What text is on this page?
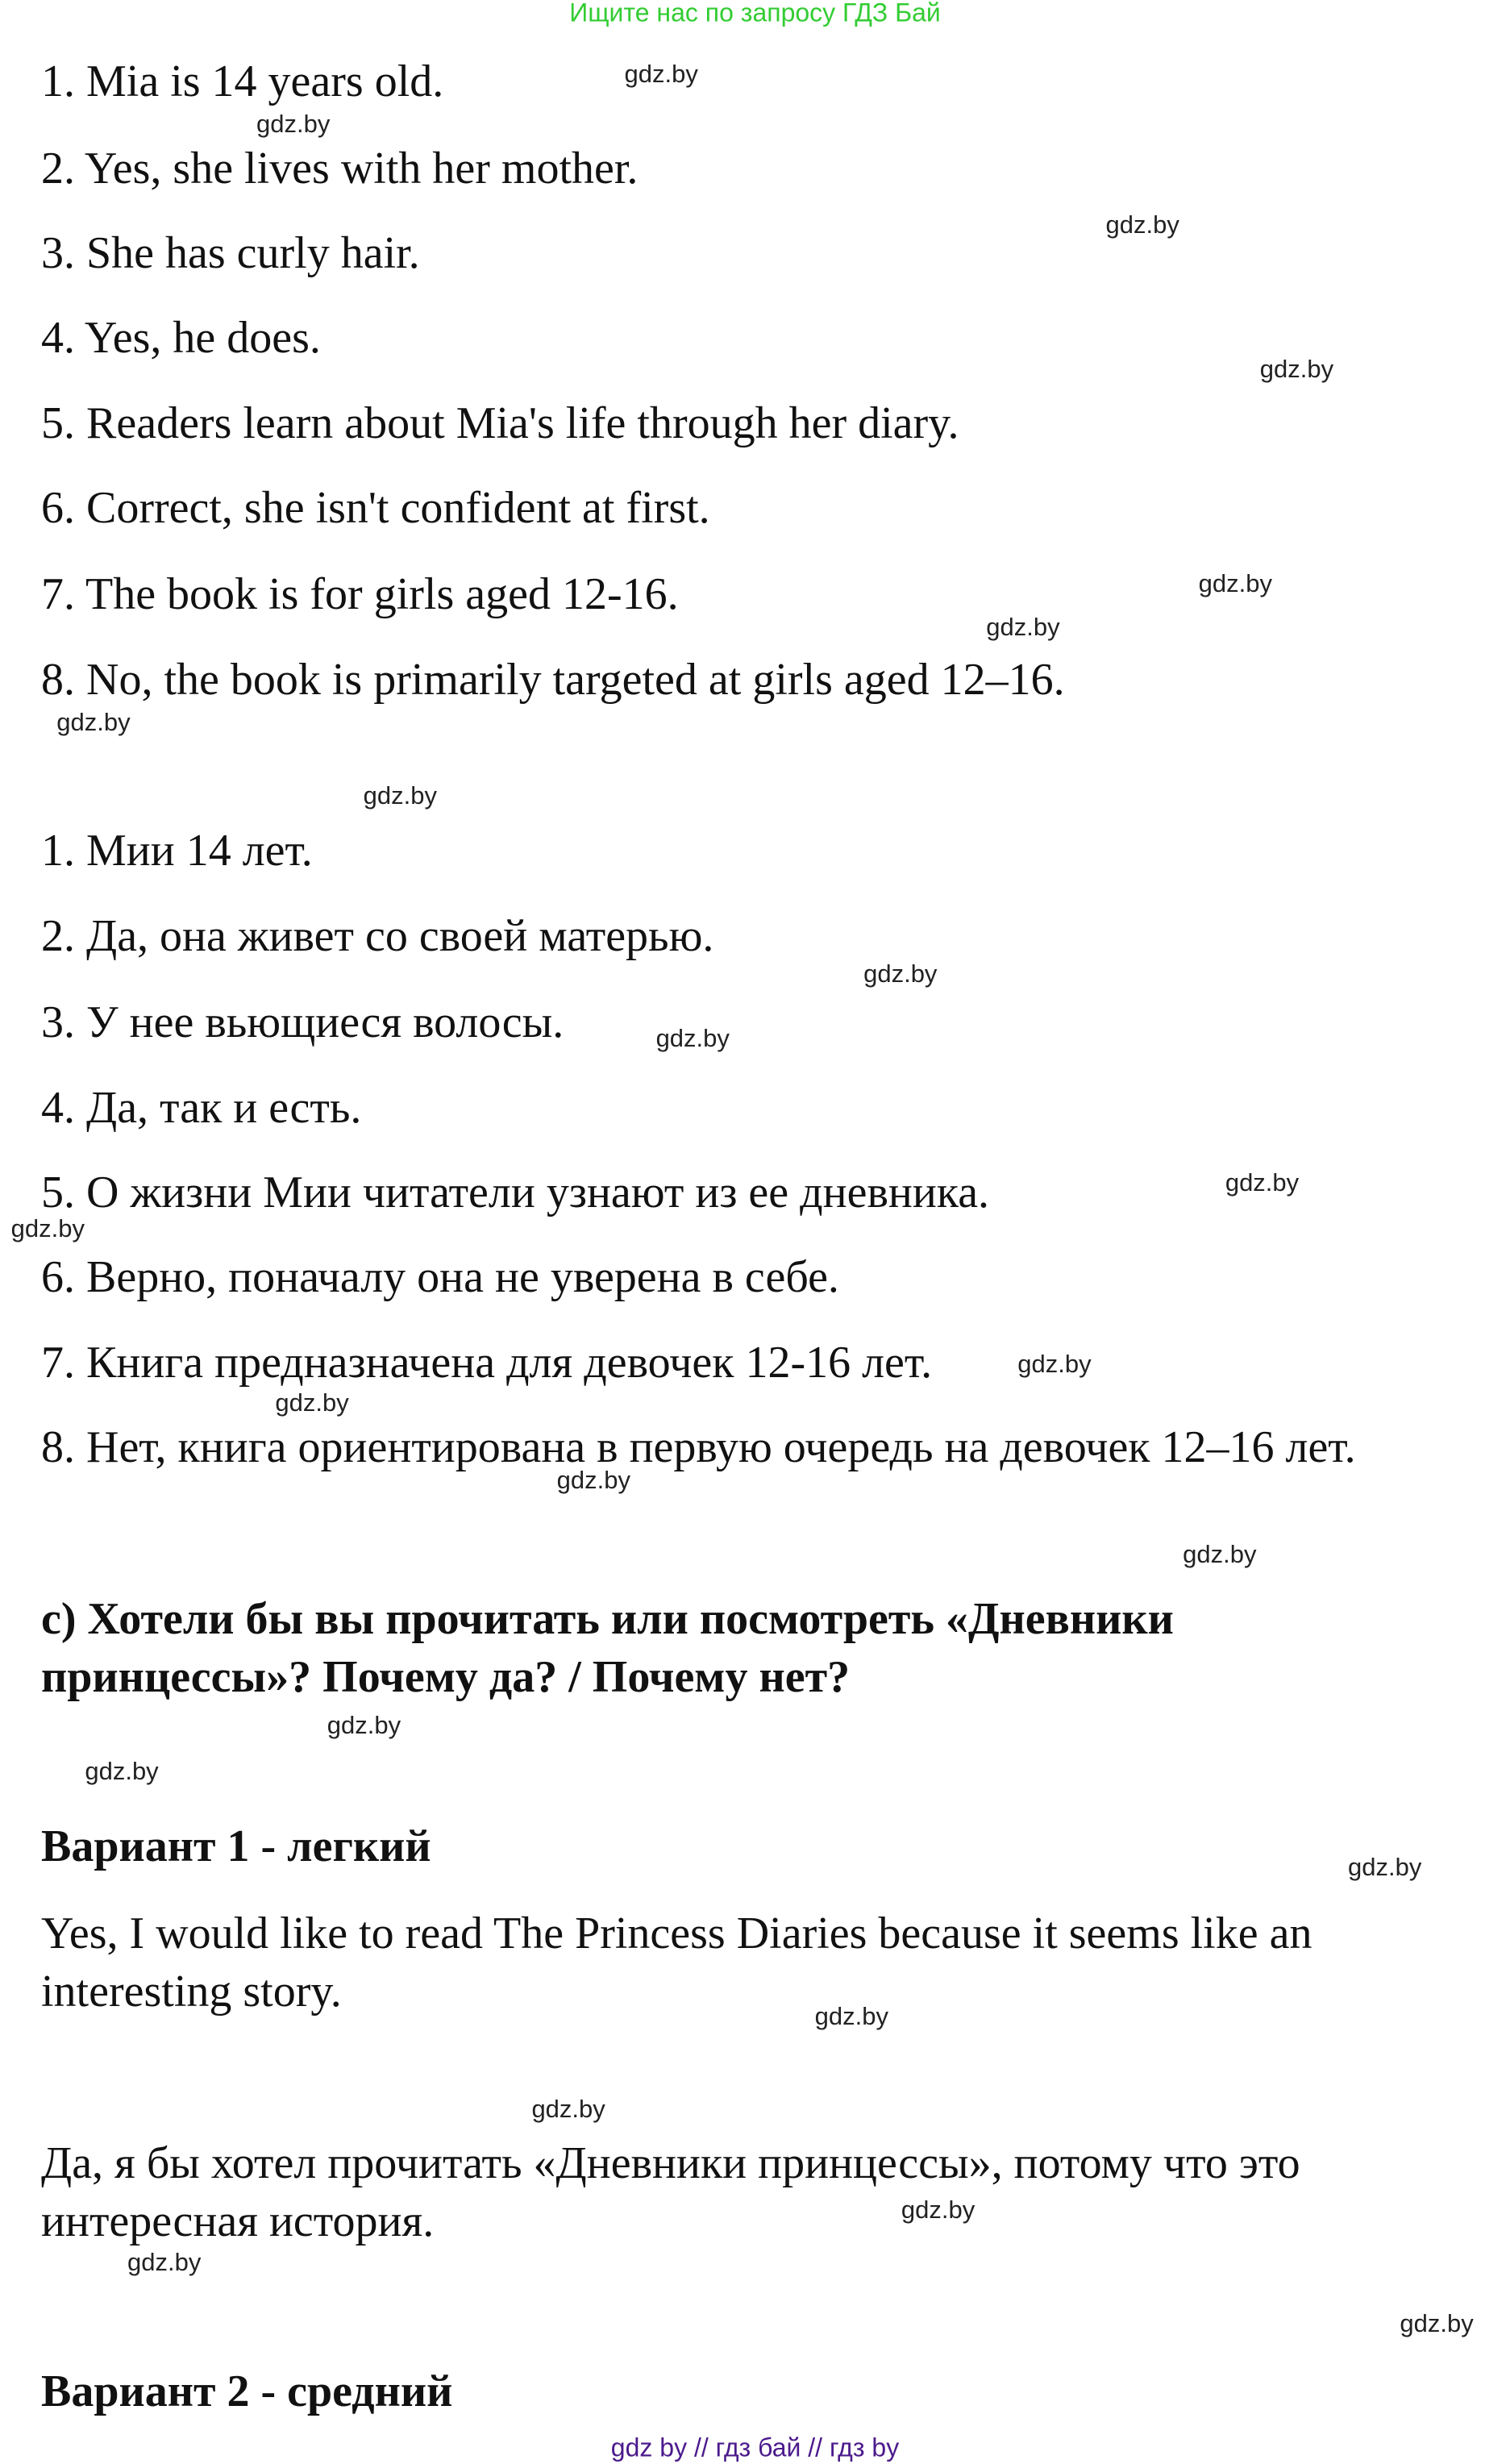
Ищите нас по запросу ГДЗ Бай
1. Mia is 14 years old.
2. Yes, she lives with her mother.
3. She has curly hair.
4. Yes, he does.
5. Readers learn about Mia's life through her diary.
6. Correct, she isn't confident at first.
7. The book is for girls aged 12-16.
8. No, the book is primarily targeted at girls aged 12–16.
1. Мии 14 лет.
2. Да, она живет со своей матерью.
3. У нее вьющиеся волосы.
4. Да, так и есть.
5. О жизни Мии читатели узнают из ее дневника.
6. Верно, поначалу она не уверена в себе.
7. Книга предназначена для девочек 12-16 лет.
8. Нет, книга ориентирована в первую очередь на девочек 12–16 лет.
c) Хотели бы вы прочитать или посмотреть «Дневники
принцессы»? Почему да? / Почему нет?
Вариант 1 - легкий
Yes, I would like to read The Princess Diaries because it seems like an
interesting story.
Да, я бы хотел прочитать «Дневники принцессы», потому что это
интересная история.
Вариант 2 - средний
gdz.by
gdz.by
gdz.by
gdz.by
gdz.by
gdz.by
gdz.by
gdz.by
gdz.by
gdz.by
gdz.by
gdz.by
gdz.by
gdz.by
gdz.by
gdz.by
gdz.by
gdz.by
gdz.by
gdz.by
gdz.by
gdz.by
gdz.by
gdz.by
gdz by // гдз бай // гдз by
